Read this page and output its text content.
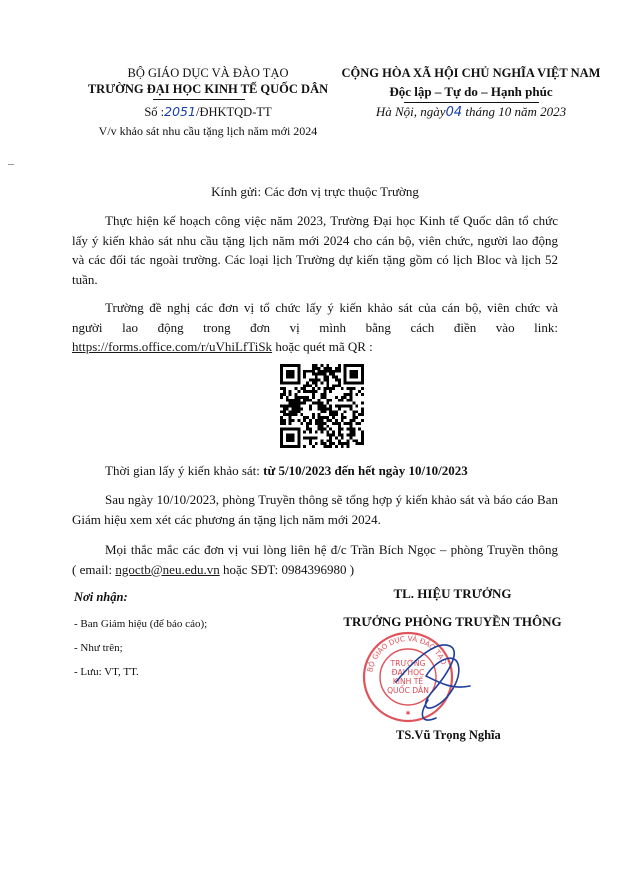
BỘ GIÁO DỤC VÀ ĐÀO TẠO
TRƯỜNG ĐẠI HỌC KINH TẾ QUỐC DÂN
Số :2051/ĐHKTQD-TT
V/v khảo sát nhu cầu tặng lịch năm mới 2024
CỘNG HÒA XÃ HỘI CHỦ NGHĨA VIỆT NAM
Độc lập – Tự do – Hạnh phúc
Hà Nội, ngày04 tháng 10 năm 2023
Kính gửi: Các đơn vị trực thuộc Trường
Thực hiện kế hoạch công việc năm 2023, Trường Đại học Kinh tế Quốc dân tổ chức lấy ý kiến khảo sát nhu cầu tặng lịch năm mới 2024 cho cán bộ, viên chức, người lao động và các đối tác ngoài trường. Các loại lịch Trường dự kiến tặng gồm có lịch Bloc và lịch 52 tuần.
Trường đề nghị các đơn vị tổ chức lấy ý kiến khảo sát của cán bộ, viên chức và
người lao động trong đơn vị mình bằng cách điền vào link:
https://forms.office.com/r/uVhiLfTiSk hoặc quét mã QR :
Thời gian lấy ý kiến khảo sát: từ 5/10/2023 đến hết ngày 10/10/2023
Sau ngày 10/10/2023, phòng Truyền thông sẽ tổng hợp ý kiến khảo sát và báo cáo Ban Giám hiệu xem xét các phương án tặng lịch năm mới 2024.
Mọi thắc mắc các đơn vị vui lòng liên hệ đ/c Trần Bích Ngọc – phòng Truyền thông
( email: ngoctb@neu.edu.vn hoặc SĐT: 0984396980 )
Nơi nhận:
- Ban Giám hiệu (để báo cáo);
- Như trên;
- Lưu: VT, TT.
TL. HIỆU TRƯỞNG
TRƯỞNG PHÒNG TRUYỀN THÔNG
BỘ GIÁO DỤC VÀ ĐÀO TẠO
TRƯỜNG
ĐẠI HỌC
KINH TẾ
QUỐC DÂN
✱
TS.Vũ Trọng Nghĩa
